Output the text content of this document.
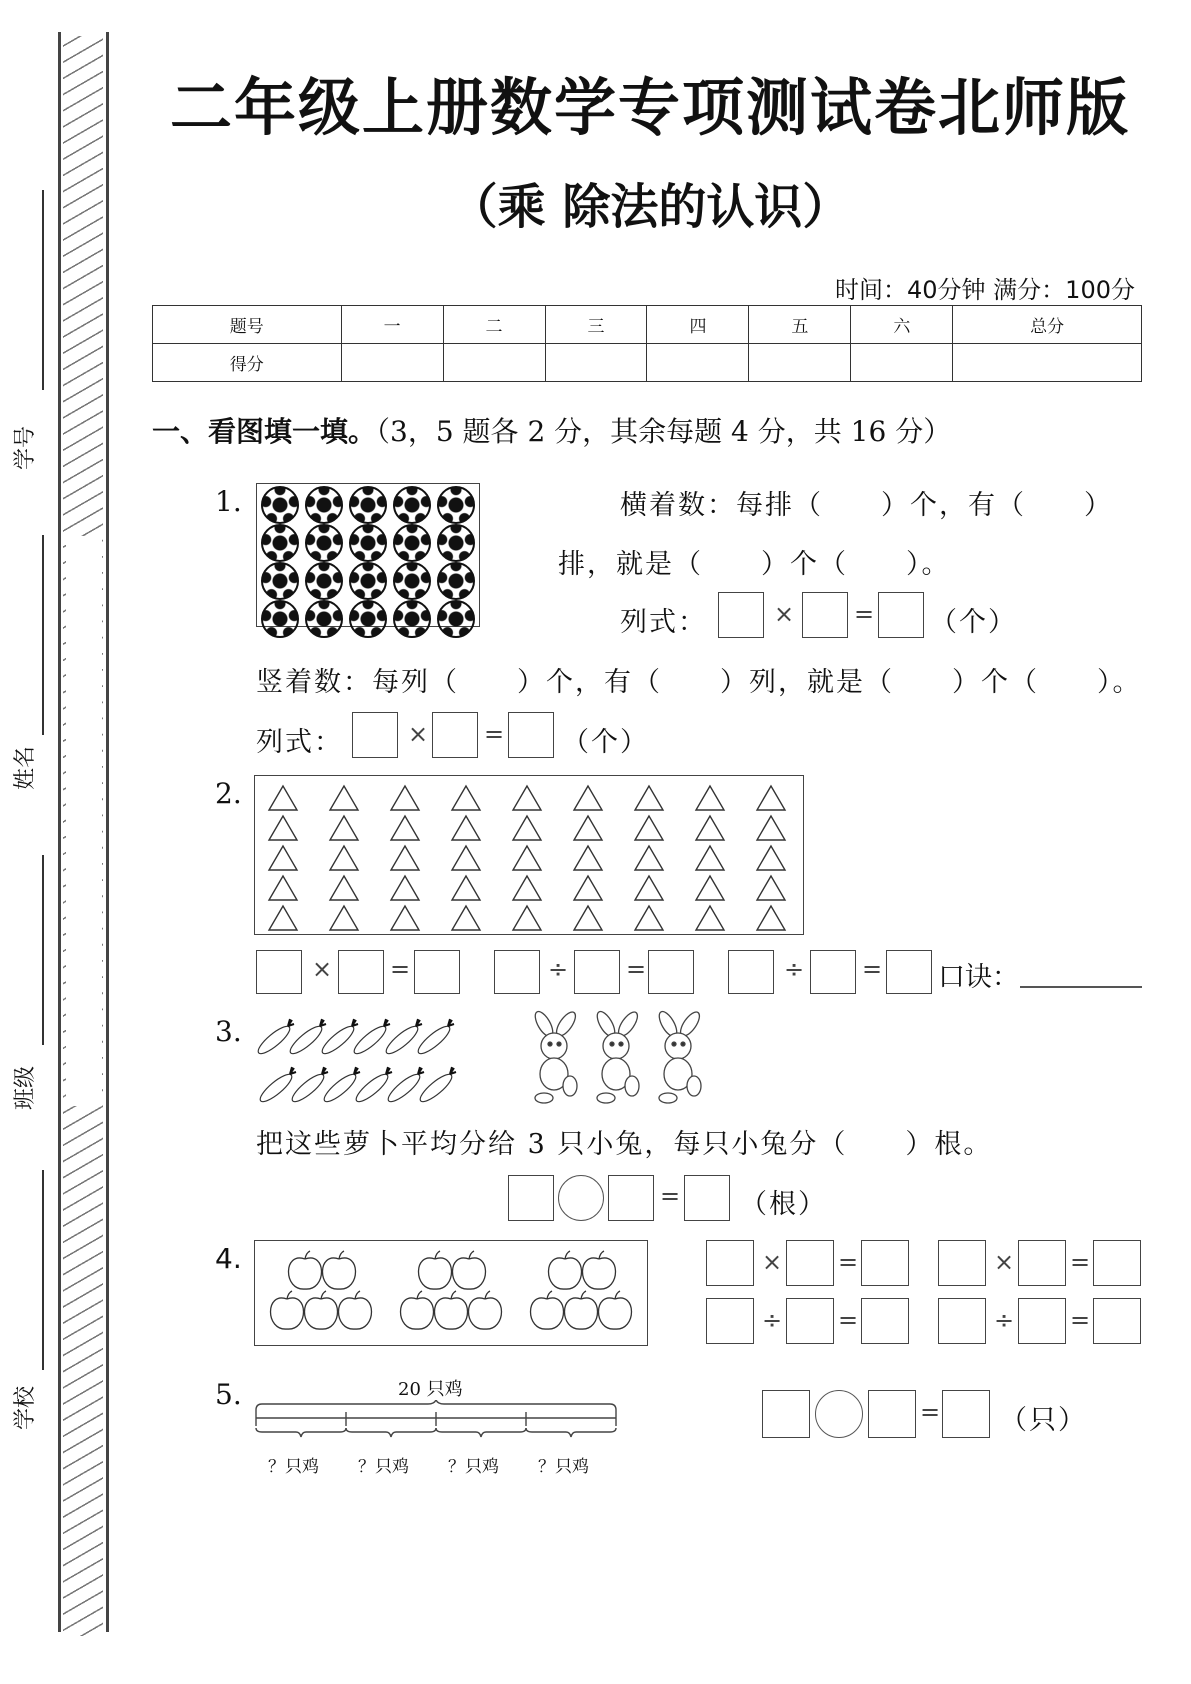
学号
姓名
班级
学校
二年级上册数学专项测试卷北师版
（乘 除法的认识）
时间：40分钟 满分：100分
题号	一	二	三	四	五	六	总分
得分							
一、看图填一填。（3，5 题各 2 分，其余每题 4 分，共 16 分）
1.	横着数：每排（　　）个，有（　　）
排，就是（　　）个（　　）。
列式：	× = （个）
竖着数：每列（　　）个，有（　　）列，就是（　　）个（　　）。
列式：	× = （个）
2.
× =	÷ =	÷ = 口诀：
3.
把这些萝卜平均分给 3 只小兔，每只小兔分（　　）根。
= （根）
4.	× =	× =
÷ =	÷ =
5.	20 只鸡
？只鸡 ？只鸡 ？只鸡 ？只鸡
= （只）
